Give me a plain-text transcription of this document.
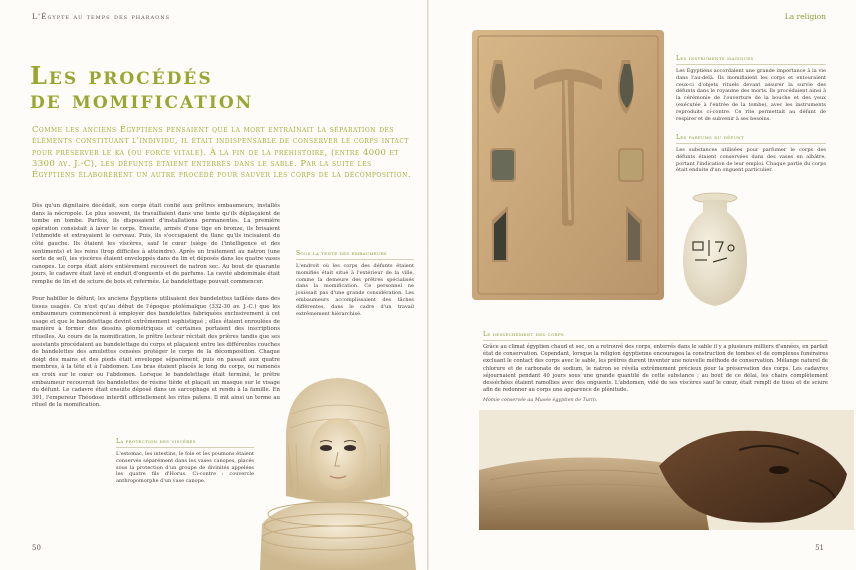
L'Égypte au temps des pharaons
Les procédés
de momification

Comme les anciens Égyptiens pensaient que la mort entraînait la séparation des éléments constituant l'individu, il était indispensable de conserver le corps intact pour préserver le ka (ou force vitale). À la fin de la préhistoire, (entre 4000 et 3300 av. J.-C), les défunts étaient enterrés dans le sable. Par la suite les Égyptiens élaborèrent un autre procédé pour sauver les corps de la décomposition.

Dès qu'un dignitaire décédait, son corps était confié aux prêtres embaumeurs, installés dans la nécropole. Le plus souvent, ils travaillaient dans une tente qu'ils déplaçaient de tombe en tombe. Parfois, ils disposaient d'installations permanentes. La première opération consistait à laver le corps. Ensuite, armés d'une tige en bronze, ils brisaient l'ethmoïde et extrayaient le cerveau. Puis, ils s'occupaient du flanc qu'ils incisaient du côté gauche. Ils ôtaient les viscères, sauf le cœur (siège de l'intelligence et des sentiments) et les reins (trop difficiles à atteindre). Après un traitement au natron (une sorte de sel), les viscères étaient enveloppés dans du lin et déposés dans les quatre vases canopes. Le corps était alors entièrement recouvert de natron sec. Au bout de quarante jours, le cadavre était lavé et enduit d'onguents et de parfums. La cavité abdominale était remplie de lin et de sciure de bois et refermée. Le bandelettage pouvait commencer.

Pour habiller le défunt, les anciens Égyptiens utilisaient des bandelettes taillées dans des tissus usagés. Ce n'est qu'au début de l'époque ptolémaïque (332-30 av. J.-C.) que les embaumeurs commencèrent à employer des bandelettes fabriquées exclusivement à cet usage et que le bandelettage devint extrêmement sophistiqué ; elles étaient enroulées de manière à former des dessins géométriques et certaines portaient des inscriptions rituelles. Au cours de la momification, le prêtre lecteur récitait des prières tandis que ses assistants procédaient au bandelettage du corps et plaçaient entre les différentes couches de bandelettes des amulettes censées protéger le corps de la décomposition. Chaque doigt des mains et des pieds était enveloppé séparément, puis on passait aux quatre membres, à la tête et à l'abdomen. Les bras étaient placés le long du corps, ou ramenés en croix sur le cœur ou l'abdomen. Lorsque le bandelettage était terminé, le prêtre embaumeur recouvrait les bandelettes de résine tiède et plaçait un masque sur le visage du défunt. Le cadavre était ensuite déposé dans un sarcophage et rendu à la famille. En 391, l'empereur Théodose interdit officiellement les rites païens. Il mit ainsi un terme au rituel de la momification.

Sous la tente des embaumeurs

L'endroit où les corps des défunts étaient momifiés était situé à l'extérieur de la ville, comme la demeure des prêtres spécialisés dans la momification. Ce personnel ne jouissait pas d'une grande considération. Les embaumeurs accomplissaient des tâches différentes, dans le cadre d'un travail extrêmement hiérarchisé.

La protection des viscères

L'estomac, les intestins, le foie et les poumons étaient conservés séparément dans les vases canopes, placés sous la protection d'un groupe de divinités appelées les quatre fils d'Horus. Ci-contre : couvercle anthropomorphe d'un vase canope.

50
La religion
Les instruments magiques

Les Égyptiens accordaient une grande importance à la vie dans l'au-delà. Ils momifiaient les corps et entouraient ceux-ci d'objets rituels devant assurer la survie des défunts dans le royaume des morts. Ils procédaient ainsi à la cérémonie de l'ouverture de la bouche et des yeux (exécutée à l'entrée de la tombe), avec les instruments reproduits ci-contre. Ce rite permettait au défunt de respirer et de subvenir à ses besoins.

Les parfums du défunt

Les substances utilisées pour parfumer le corps des défunts étaient conservées dans des vases en albâtre, portant l'indication de leur emploi. Chaque partie du corps était enduite d'un onguent particulier.

Le dessèchement des corps

Grâce au climat égyptien chaud et sec, on a retrouvé des corps, enterrés dans le sable il y a plusieurs milliers d'années, en parfait état de conservation. Cependant, lorsque la religion égyptienne encouragea la construction de tombes et de complexes funéraires excluant le contact des corps avec le sable, les prêtres durent inventer une nouvelle méthode de conservation. Mélange naturel de chlorure et de carbonate de sodium, le natron se révéla extrêmement précieux pour la préservation des corps. Les cadavres séjournaient pendant 40 jours sous une grande quantité de cette substance ; au bout de ce délai, les chairs complètement desséchées étaient ramollies avec des onguents. L'abdomen, vidé de ses viscères sauf le cœur, était rempli de tissu et de sciure afin de redonner au corps une apparence de plénitude.

Momie conservée au Musée égyptien de Turin.

51
